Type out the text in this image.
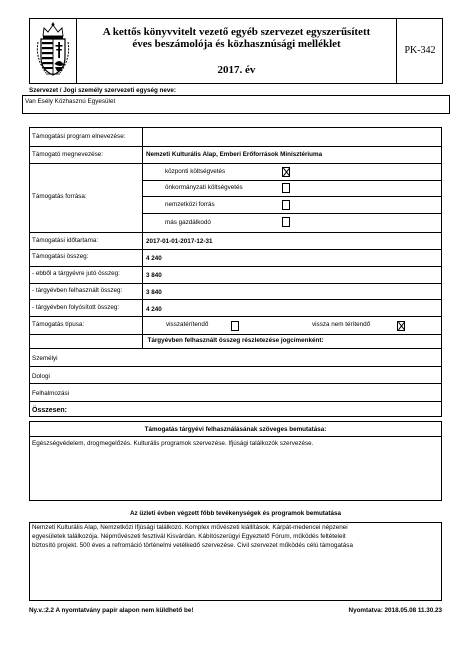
A kettős könyvvitelt vezető egyéb szervezet egyszerűsített
éves beszámolója és közhasznúsági melléklet
2017. év
PK-342
Szervezet / Jogi személy szervezeti egység neve:
Van Esély Közhasznú Egyesület
Támogatási program elnevezése:
Támogató megnevezése:	Nemzeti Kulturális Alap, Emberi Erőforrások Minisztériuma
Támogatás forrása:
központi költségvetés
önkormányzati költségvetés
nemzetközi forrás
más gazdálkodó
Támogatási időtartama:	2017-01-01-2017-12-31
Támogatási összeg:	4 240
- ebből a tárgyévre jutó összeg:	3 840
- tárgyévben felhasznált összeg:	3 840
- tárgyévben folyósított összeg:	4 240
Támogatás típusa:	visszatérítendő	vissza nem térítendő
Tárgyévben felhasznált összeg részletezése jogcímenként:
Személyi
Dologi
Felhalmozási
Összesen:
Támogatás tárgyévi felhasználásának szöveges bemutatása:
Egészségvédelem, drogmegelőzés. Kulturális programok szervezése. Ifjúsági találkozók szervezése.
Az üzleti évben végzett főbb tevékenységek és programok bemutatása
Nemzeti Kulturális Alap, Nemzetközi Ifjúsági találkozó. Komplex művészeti kiállítások. Kárpát-medencei népzenei
egyesületek találkozója. Népművészeti fesztivál Kisvárdán. Kábítószerügyi Egyeztető Fórum, működés feltételeit
biztosító projekt. 500 éves a refromáció történelmi vetélkedő szervezése. Civil szervezet működés célú támogatása
Ny.v.:2.2 A nyomtatvány papír alapon nem küldhető be!	Nyomtatva: 2018.05.08 11.30.23
